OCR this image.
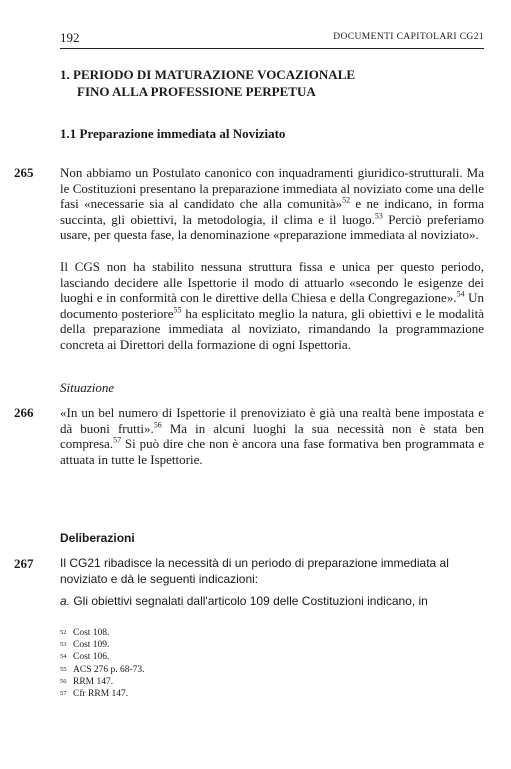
192	DOCUMENTI CAPITOLARI CG21
1. PERIODO DI MATURAZIONE VOCAZIONALE
FINO ALLA PROFESSIONE PERPETUA
1.1 Preparazione immediata al Noviziato
265 Non abbiamo un Postulato canonico con inquadramenti giuridico-strutturali. Ma le Costituzioni presentano la preparazione immediata al noviziato come una delle fasi «necessarie sia al candidato che alla comunità»$^{52}$ e ne indicano, in forma succinta, gli obiettivi, la metodologia, il clima e il luogo.$^{53}$ Perciò preferiamo usare, per questa fase, la denominazione «preparazione immediata al noviziato».
Il CGS non ha stabilito nessuna struttura fissa e unica per questo periodo, lasciando decidere alle Ispettorie il modo di attuarlo «secondo le esigenze dei luoghi e in conformità con le direttive della Chiesa e della Congregazione».$^{54}$ Un documento posteriore$^{55}$ ha esplicitato meglio la natura, gli obiettivi e le modalità della preparazione immediata al noviziato, rimandando la programmazione concreta ai Direttori della formazione di ogni Ispettoria.
Situazione
266 «In un bel numero di Ispettorie il prenoviziato è già una realtà bene impostata e dà buoni frutti».$^{56}$ Ma in alcuni luoghi la sua necessità non è stata ben compresa.$^{57}$ Si può dire che non è ancora una fase formativa ben programmata e attuata in tutte le Ispettorie.
Deliberazioni
267 Il CG21 ribadisce la necessità di un periodo di preparazione immediata al noviziato e dà le seguenti indicazioni:
a. Gli obiettivi segnalati dall'articolo 109 delle Costituzioni indicano, in
52 Cost 108.
53 Cost 109.
54 Cost 106.
55 ACS 276 p. 68-73.
56 RRM 147.
57 Cfr RRM 147.
